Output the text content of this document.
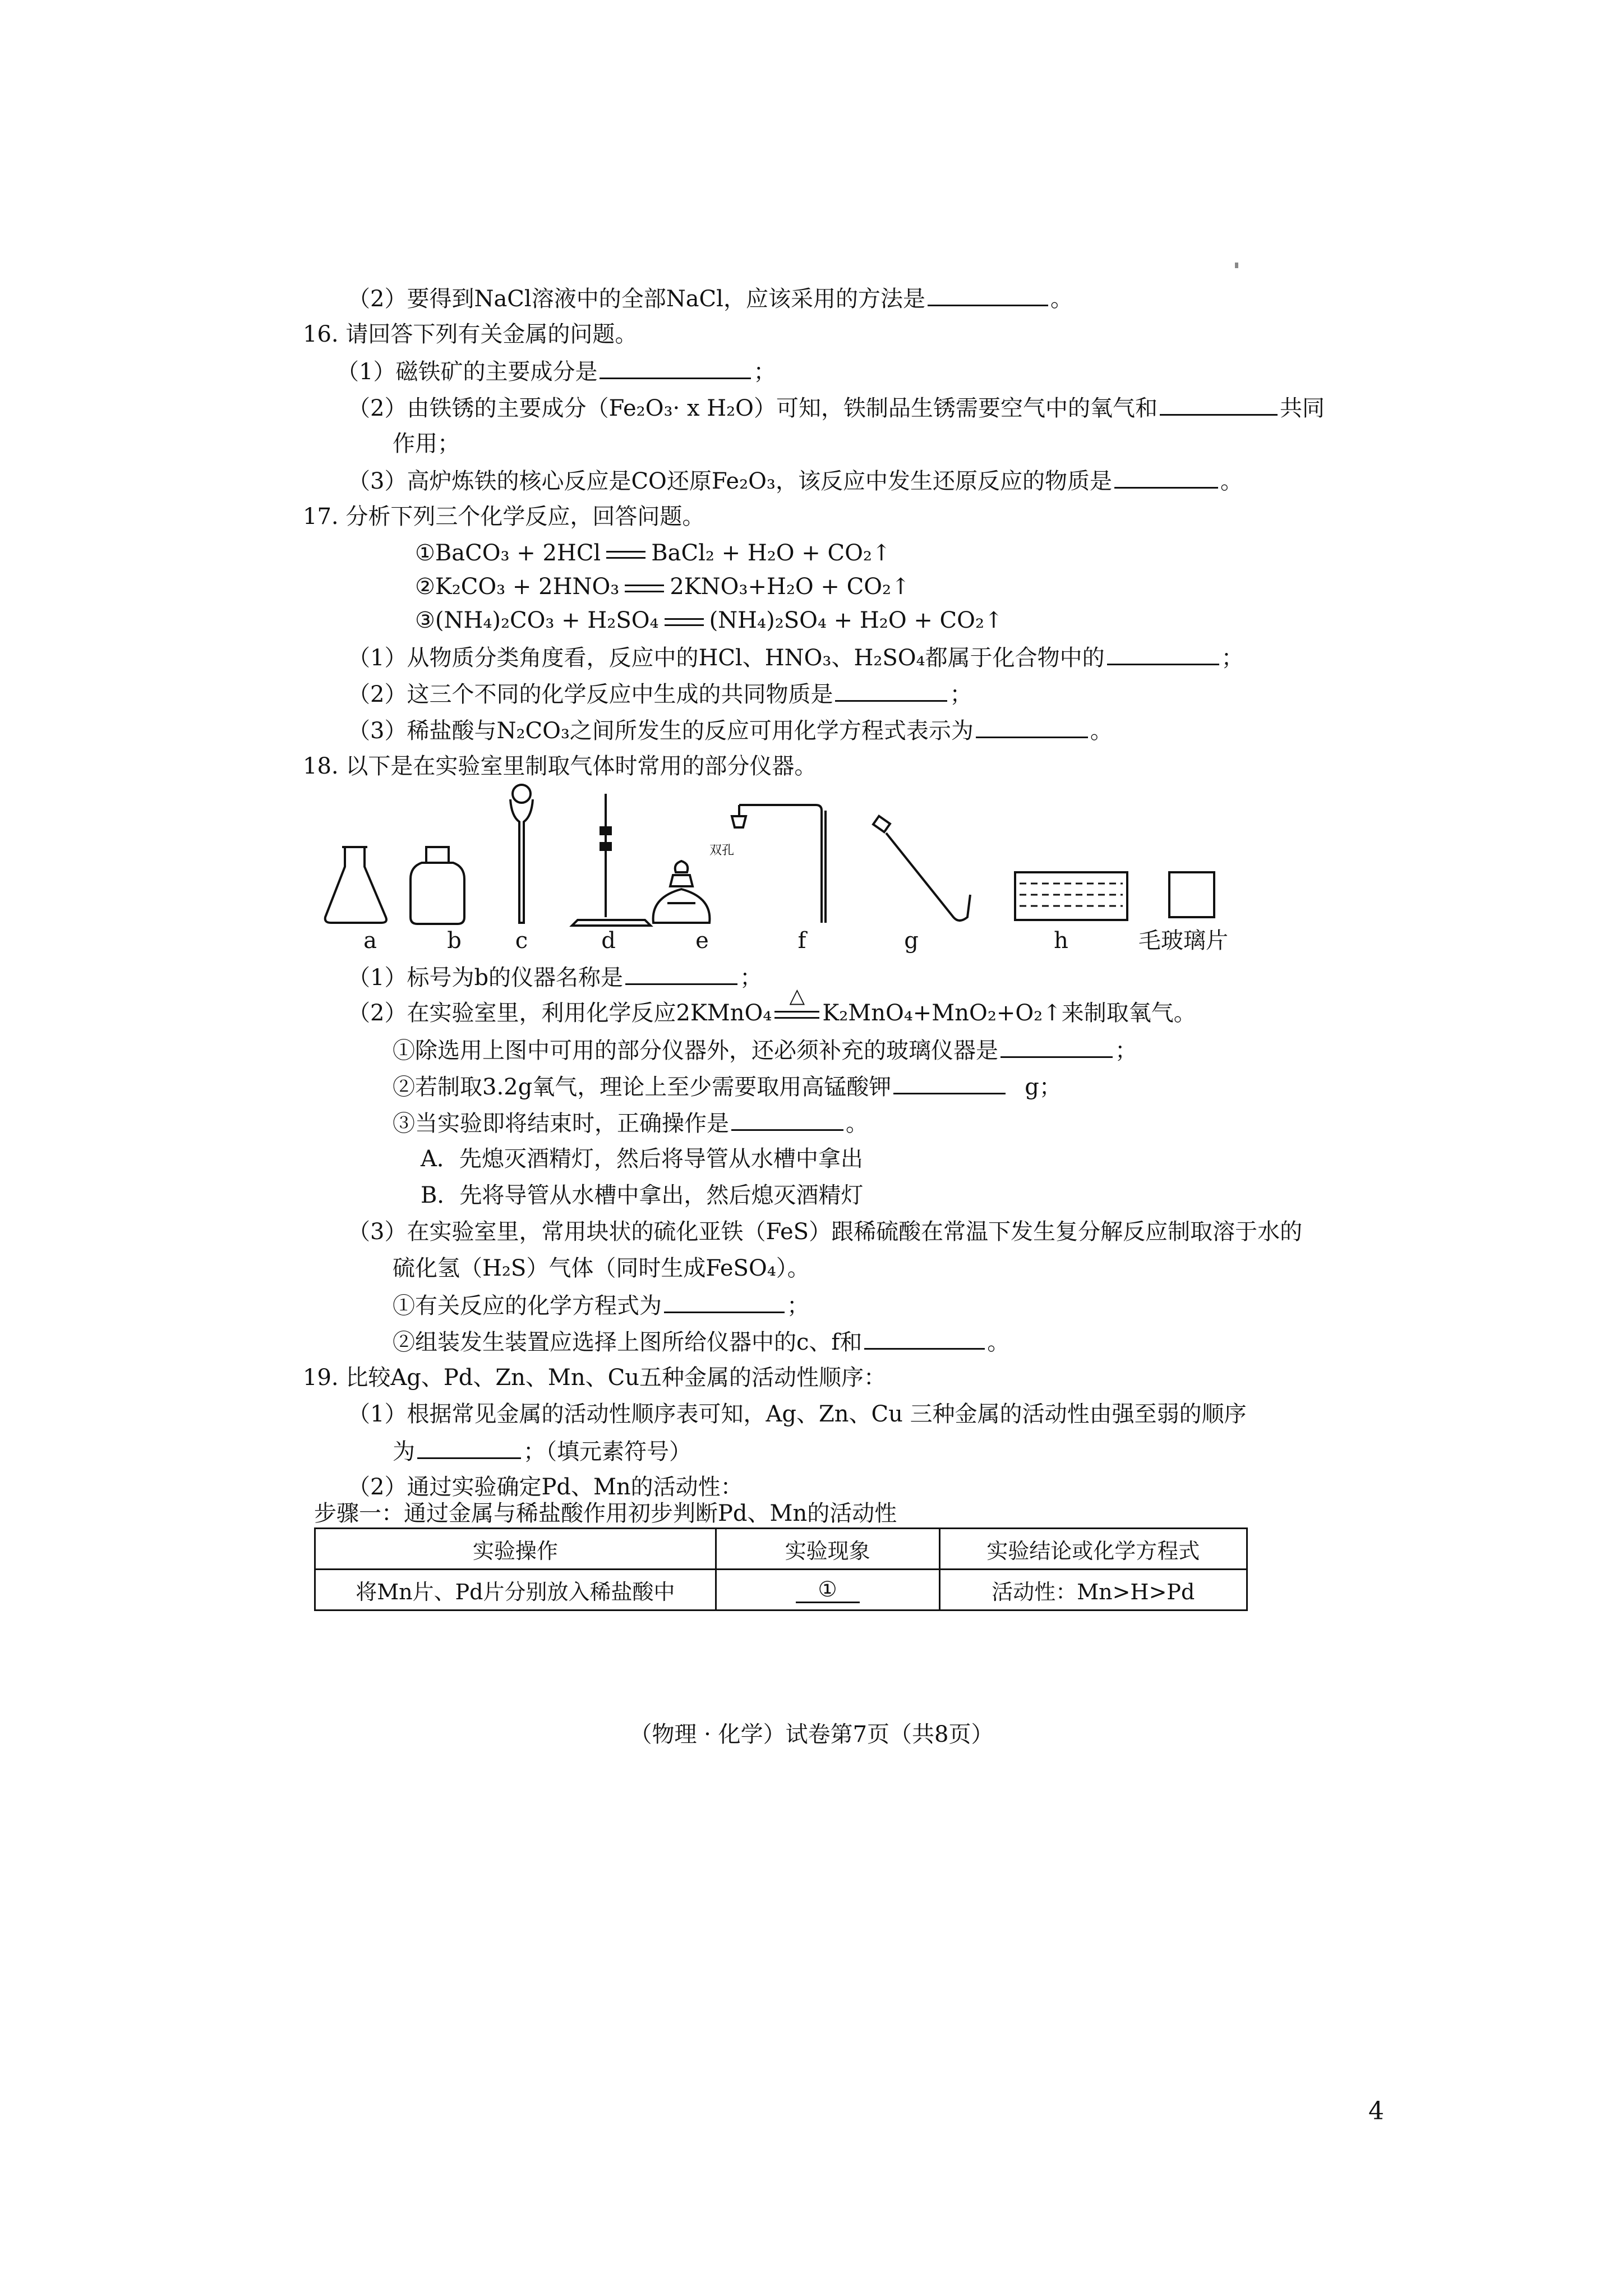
（2）要得到NaCl溶液中的全部NaCl，应该采用的方法是	。
16. 请回答下列有关金属的问题。
（1）磁铁矿的主要成分是	；
（2）由铁锈的主要成分（Fe₂O₃· x H₂O）可知，铁制品生锈需要空气中的氧气和	共同
作用；
（3）高炉炼铁的核心反应是CO还原Fe₂O₃，该反应中发生还原反应的物质是	。
17. 分析下列三个化学反应，回答问题。
①BaCO₃ + 2HCl BaCl₂ + H₂O + CO₂↑
②K₂CO₃ + 2HNO₃ 2KNO₃+H₂O + CO₂↑
③(NH₄)₂CO₃ + H₂SO₄ (NH₄)₂SO₄ + H₂O + CO₂↑
（1）从物质分类角度看，反应中的HCl、HNO₃、H₂SO₄都属于化合物中的	；
（2）这三个不同的化学反应中生成的共同物质是	；
（3）稀盐酸与N₂CO₃之间所发生的反应可用化学方程式表示为	。
18. 以下是在实验室里制取气体时常用的部分仪器。
双孔
a	b	c	d	e	f	g	h	毛玻璃片
（1）标号为b的仪器名称是	；
（2）在实验室里，利用化学反应2KMnO₄
△
K₂MnO₄+MnO₂+O₂↑来制取氧气。
①除选用上图中可用的部分仪器外，还必须补充的玻璃仪器是	；
②若制取3.2g氧气，理论上至少需要取用高锰酸钾	g；
③当实验即将结束时，正确操作是	。
A．先熄灭酒精灯，然后将导管从水槽中拿出
B．先将导管从水槽中拿出，然后熄灭酒精灯
（3）在实验室里，常用块状的硫化亚铁（FeS）跟稀硫酸在常温下发生复分解反应制取溶于水的
硫化氢（H₂S）气体（同时生成FeSO₄）。
①有关反应的化学方程式为	；
②组装发生装置应选择上图所给仪器中的c、f和	。
19. 比较Ag、Pd、Zn、Mn、Cu五种金属的活动性顺序：
（1）根据常见金属的活动性顺序表可知，Ag、Zn、Cu 三种金属的活动性由强至弱的顺序
为	；（填元素符号）
（2）通过实验确定Pd、Mn的活动性：
步骤一：通过金属与稀盐酸作用初步判断Pd、Mn的活动性
实验操作	实验现象	实验结论或化学方程式
将Mn片、Pd片分别放入稀盐酸中	①	活动性：Mn>H>Pd
（物理 · 化学）试卷第7页（共8页）
4
